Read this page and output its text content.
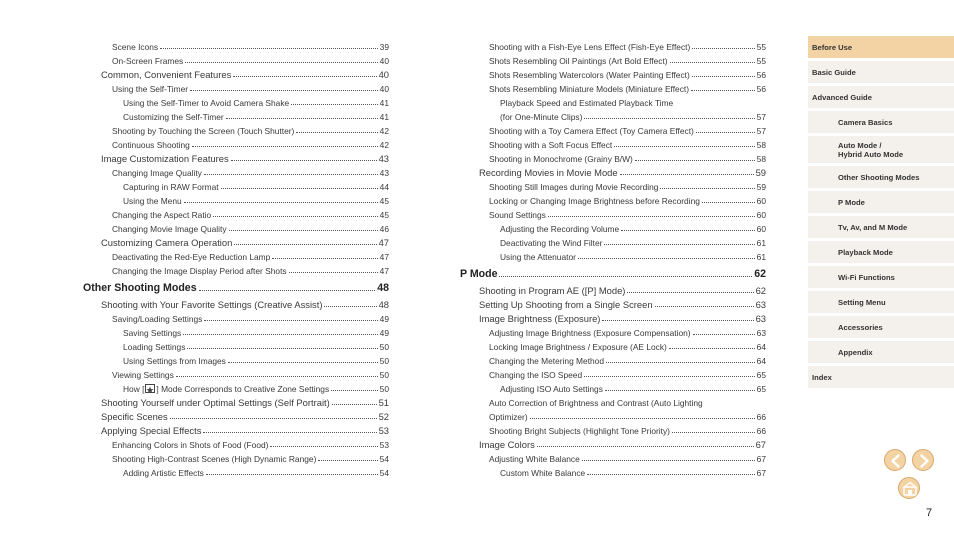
Scene Icons	39
On-Screen Frames	40
Common, Convenient Features	40
Using the Self-Timer	40
Using the Self-Timer to Avoid Camera Shake	41
Customizing the Self-Timer	41
Shooting by Touching the Screen (Touch Shutter)	42
Continuous Shooting	42
Image Customization Features	43
Changing Image Quality	43
Capturing in RAW Format	44
Using the Menu	45
Changing the Aspect Ratio	45
Changing Movie Image Quality	46
Customizing Camera Operation	47
Deactivating the Red-Eye Reduction Lamp	47
Changing the Image Display Period after Shots	47
Other Shooting Modes	48
Shooting with Your Favorite Settings (Creative Assist)	48
Saving/Loading Settings	49
Saving Settings	49
Loading Settings	50
Using Settings from Images	50
Viewing Settings	50
How [ ] Mode Corresponds to Creative Zone Settings	50
Shooting Yourself under Optimal Settings (Self Portrait)	51
Specific Scenes	52
Applying Special Effects	53
Enhancing Colors in Shots of Food (Food)	53
Shooting High-Contrast Scenes (High Dynamic Range)	54
Adding Artistic Effects	54
Shooting with a Fish-Eye Lens Effect (Fish-Eye Effect)	55
Shots Resembling Oil Paintings (Art Bold Effect)	55
Shots Resembling Watercolors (Water Painting Effect)	56
Shots Resembling Miniature Models (Miniature Effect)	56
Playback Speed and Estimated Playback Time
(for One-Minute Clips)	57
Shooting with a Toy Camera Effect (Toy Camera Effect)	57
Shooting with a Soft Focus Effect	58
Shooting in Monochrome (Grainy B/W)	58
Recording Movies in Movie Mode	59
Shooting Still Images during Movie Recording	59
Locking or Changing Image Brightness before Recording	60
Sound Settings	60
Adjusting the Recording Volume	60
Deactivating the Wind Filter	61
Using the Attenuator	61
P Mode	62
Shooting in Program AE ([P] Mode)	62
Setting Up Shooting from a Single Screen	63
Image Brightness (Exposure)	63
Adjusting Image Brightness (Exposure Compensation)	63
Locking Image Brightness / Exposure (AE Lock)	64
Changing the Metering Method	64
Changing the ISO Speed	65
Adjusting ISO Auto Settings	65
Auto Correction of Brightness and Contrast (Auto Lighting
Optimizer)	66
Shooting Bright Subjects (Highlight Tone Priority)	66
Image Colors	67
Adjusting White Balance	67
Custom White Balance	67
Before Use
Basic Guide
Advanced Guide
Camera Basics
Auto Mode /
Hybrid Auto Mode
Other Shooting Modes
P Mode
Tv, Av, and M Mode
Playback Mode
Wi-Fi Functions
Setting Menu
Accessories
Appendix
Index
7
